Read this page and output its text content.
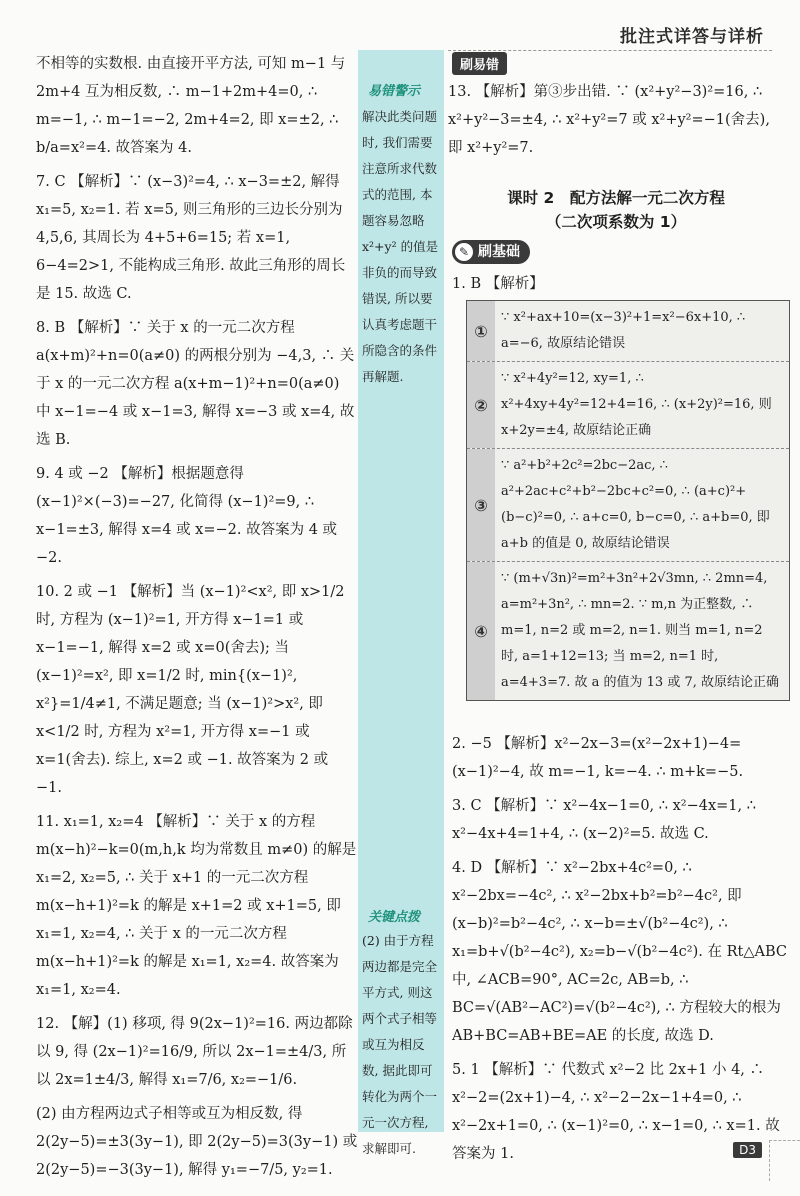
批注式详答与详析

不相等的实数根. 由直接开平方法, 可知 m−1 与 2m+4 互为相反数, ∴ m−1+2m+4=0, ∴ m=−1, ∴ m−1=−2, 2m+4=2, 即 x=±2, ∴ b/a=x²=4. 故答案为 4.

7. C 【解析】∵ (x−3)²=4, ∴ x−3=±2, 解得 x₁=5, x₂=1. 若 x=5, 则三角形的三边长分别为 4,5,6, 其周长为 4+5+6=15; 若 x=1, 6−4=2>1, 不能构成三角形. 故此三角形的周长是 15. 故选 C.

8. B 【解析】∵ 关于 x 的一元二次方程 a(x+m)²+n=0(a≠0) 的两根分别为 −4,3, ∴ 关于 x 的一元二次方程 a(x+m−1)²+n=0(a≠0) 中 x−1=−4 或 x−1=3, 解得 x=−3 或 x=4, 故选 B.

9. 4 或 −2 【解析】根据题意得 (x−1)²×(−3)=−27, 化简得 (x−1)²=9, ∴ x−1=±3, 解得 x=4 或 x=−2. 故答案为 4 或 −2.

10. 2 或 −1 【解析】当 (x−1)²<x², 即 x>1/2 时, 方程为 (x−1)²=1, 开方得 x−1=1 或 x−1=−1, 解得 x=2 或 x=0(舍去); 当 (x−1)²=x², 即 x=1/2 时, min{(x−1)², x²}=1/4≠1, 不满足题意; 当 (x−1)²>x², 即 x<1/2 时, 方程为 x²=1, 开方得 x=−1 或 x=1(舍去). 综上, x=2 或 −1. 故答案为 2 或 −1.

11. x₁=1, x₂=4 【解析】∵ 关于 x 的方程 m(x−h)²−k=0(m,h,k 均为常数且 m≠0) 的解是 x₁=2, x₂=5, ∴ 关于 x+1 的一元二次方程 m(x−h+1)²=k 的解是 x+1=2 或 x+1=5, 即 x₁=1, x₂=4, ∴ 关于 x 的一元二次方程 m(x−h+1)²=k 的解是 x₁=1, x₂=4. 故答案为 x₁=1, x₂=4.

12. 【解】(1) 移项, 得 9(2x−1)²=16. 两边都除以 9, 得 (2x−1)²=16/9, 所以 2x−1=±4/3, 所以 2x=1±4/3, 解得 x₁=7/6, x₂=−1/6.

(2) 由方程两边式子相等或互为相反数, 得 2(2y−5)=±3(3y−1), 即 2(2y−5)=3(3y−1) 或 2(2y−5)=−3(3y−1), 解得 y₁=−7/5, y₂=1.

易错警示
解决此类问题时, 我们需要注意所求代数式的范围, 本题容易忽略 x²+y² 的值是非负的而导致错误, 所以要认真考虑题干所隐含的条件再解题.
关键点拨
(2) 由于方程两边都是完全平方式, 则这两个式子相等或互为相反数, 据此即可转化为两个一元一次方程, 求解即可.
刷易错
13. 【解析】第③步出错. ∵ (x²+y²−3)²=16, ∴ x²+y²−3=±4, ∴ x²+y²=7 或 x²+y²=−1(舍去), 即 x²+y²=7.
课时 2　配方法解一元二次方程
（二次项系数为 1）
刷基础
✎
1. B 【解析】
①
∵ x²+ax+10=(x−3)²+1=x²−6x+10, ∴ a=−6, 故原结论错误
②
∵ x²+4y²=12, xy=1, ∴ x²+4xy+4y²=12+4=16, ∴ (x+2y)²=16, 则 x+2y=±4, 故原结论正确
③
∵ a²+b²+2c²=2bc−2ac, ∴ a²+2ac+c²+b²−2bc+c²=0, ∴ (a+c)²+(b−c)²=0, ∴ a+c=0, b−c=0, ∴ a+b=0, 即 a+b 的值是 0, 故原结论错误
④
∵ (m+√3n)²=m²+3n²+2√3mn, ∴ 2mn=4, a=m²+3n², ∴ mn=2. ∵ m,n 为正整数, ∴ m=1, n=2 或 m=2, n=1. 则当 m=1, n=2 时, a=1+12=13; 当 m=2, n=1 时, a=4+3=7. 故 a 的值为 13 或 7, 故原结论正确

2. −5 【解析】x²−2x−3=(x²−2x+1)−4=(x−1)²−4, 故 m=−1, k=−4. ∴ m+k=−5.

3. C 【解析】∵ x²−4x−1=0, ∴ x²−4x=1, ∴ x²−4x+4=1+4, ∴ (x−2)²=5. 故选 C.

4. D 【解析】∵ x²−2bx+4c²=0, ∴ x²−2bx=−4c², ∴ x²−2bx+b²=b²−4c², 即 (x−b)²=b²−4c², ∴ x−b=±√(b²−4c²), ∴ x₁=b+√(b²−4c²), x₂=b−√(b²−4c²). 在 Rt△ABC 中, ∠ACB=90°, AC=2c, AB=b, ∴ BC=√(AB²−AC²)=√(b²−4c²), ∴ 方程较大的根为 AB+BC=AB+BE=AE 的长度, 故选 D.

5. 1 【解析】∵ 代数式 x²−2 比 2x+1 小 4, ∴ x²−2=(2x+1)−4, ∴ x²−2−2x−1+4=0, ∴ x²−2x+1=0, ∴ (x−1)²=0, ∴ x−1=0, ∴ x=1. 故答案为 1.	D3
